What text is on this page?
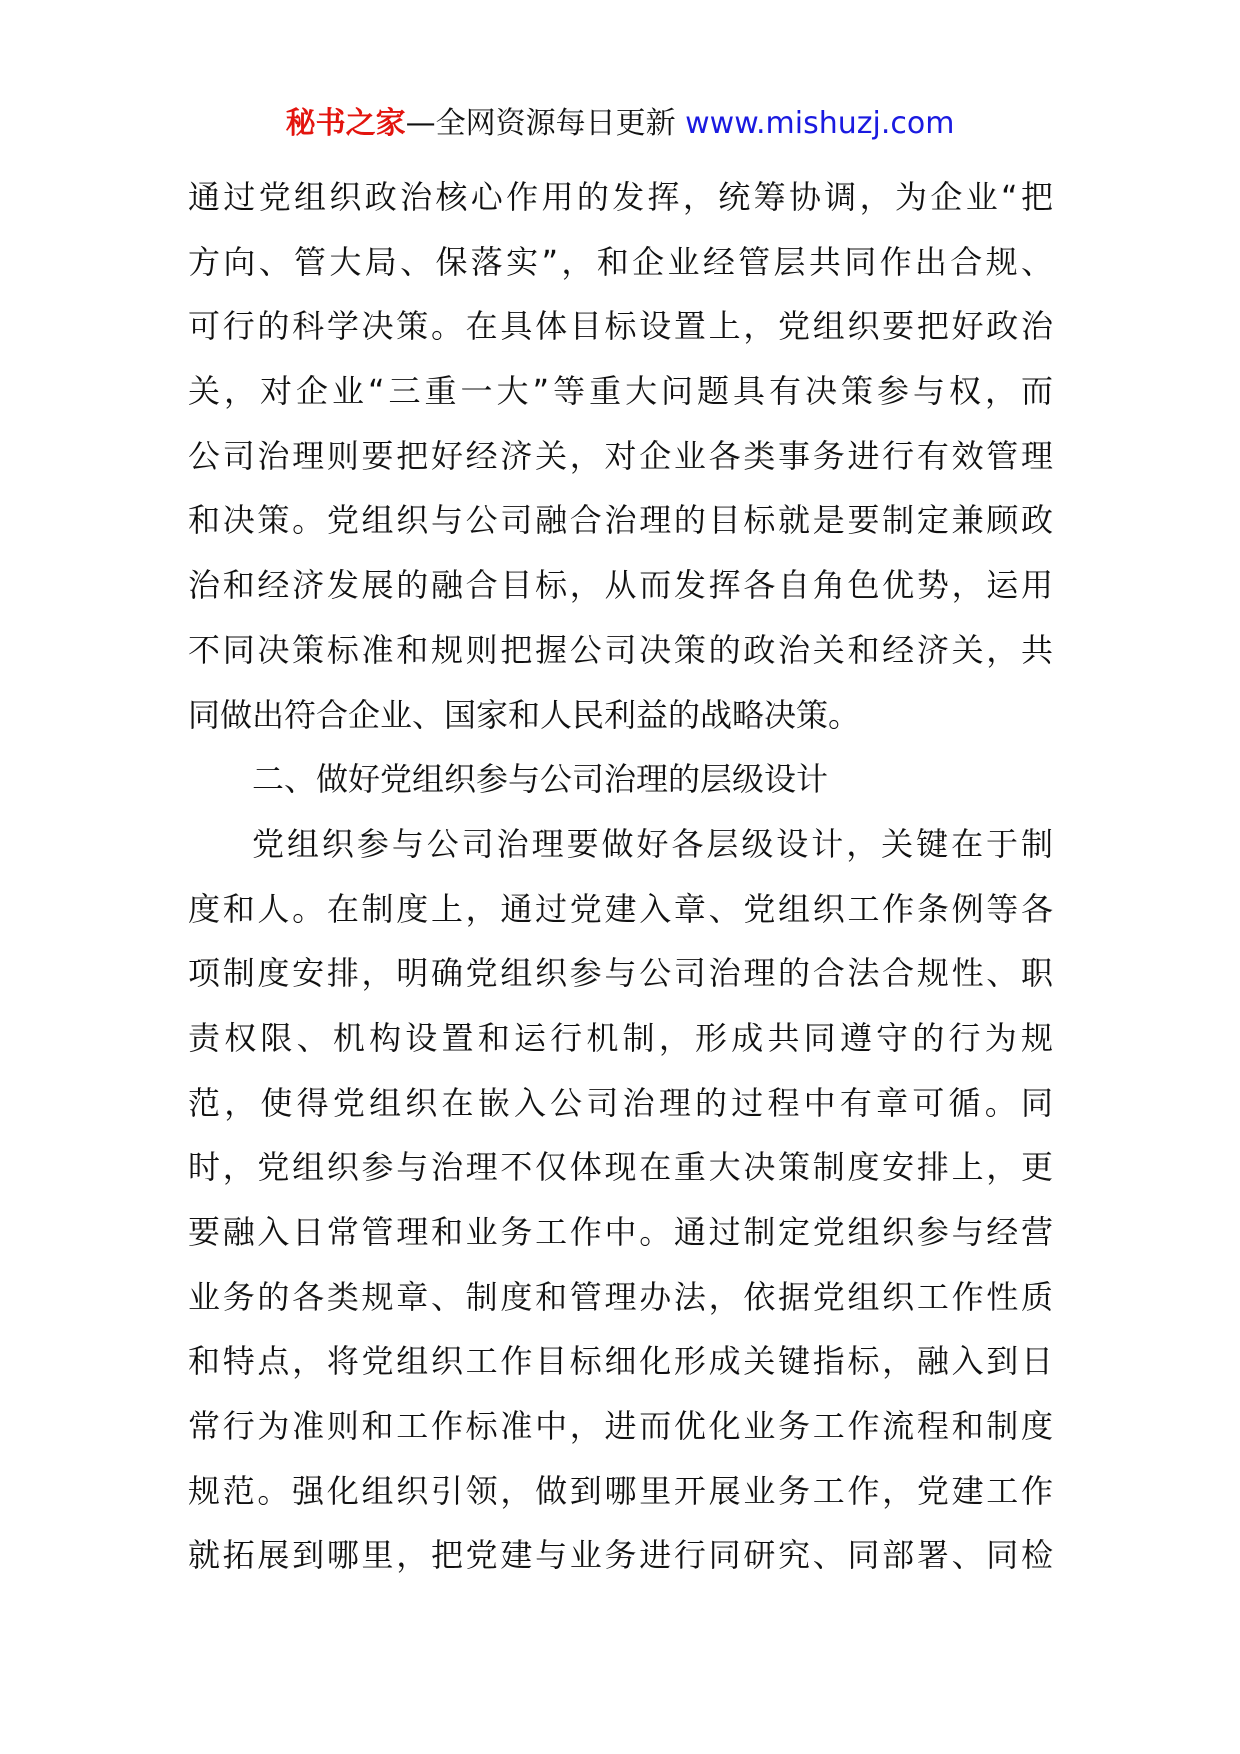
秘书之家—全网资源每日更新 www.mishuzj.com
通过党组织政治核心作用的发挥，统筹协调，为企业“把
方向、管大局、保落实”，和企业经管层共同作出合规、
可行的科学决策。在具体目标设置上，党组织要把好政治
关，对企业“三重一大”等重大问题具有决策参与权，而
公司治理则要把好经济关，对企业各类事务进行有效管理
和决策。党组织与公司融合治理的目标就是要制定兼顾政
治和经济发展的融合目标，从而发挥各自角色优势，运用
不同决策标准和规则把握公司决策的政治关和经济关，共
同做出符合企业、国家和人民利益的战略决策。
二、做好党组织参与公司治理的层级设计
党组织参与公司治理要做好各层级设计，关键在于制
度和人。在制度上，通过党建入章、党组织工作条例等各
项制度安排，明确党组织参与公司治理的合法合规性、职
责权限、机构设置和运行机制，形成共同遵守的行为规
范，使得党组织在嵌入公司治理的过程中有章可循。同
时，党组织参与治理不仅体现在重大决策制度安排上，更
要融入日常管理和业务工作中。通过制定党组织参与经营
业务的各类规章、制度和管理办法，依据党组织工作性质
和特点，将党组织工作目标细化形成关键指标，融入到日
常行为准则和工作标准中，进而优化业务工作流程和制度
规范。强化组织引领，做到哪里开展业务工作，党建工作
就拓展到哪里，把党建与业务进行同研究、同部署、同检
